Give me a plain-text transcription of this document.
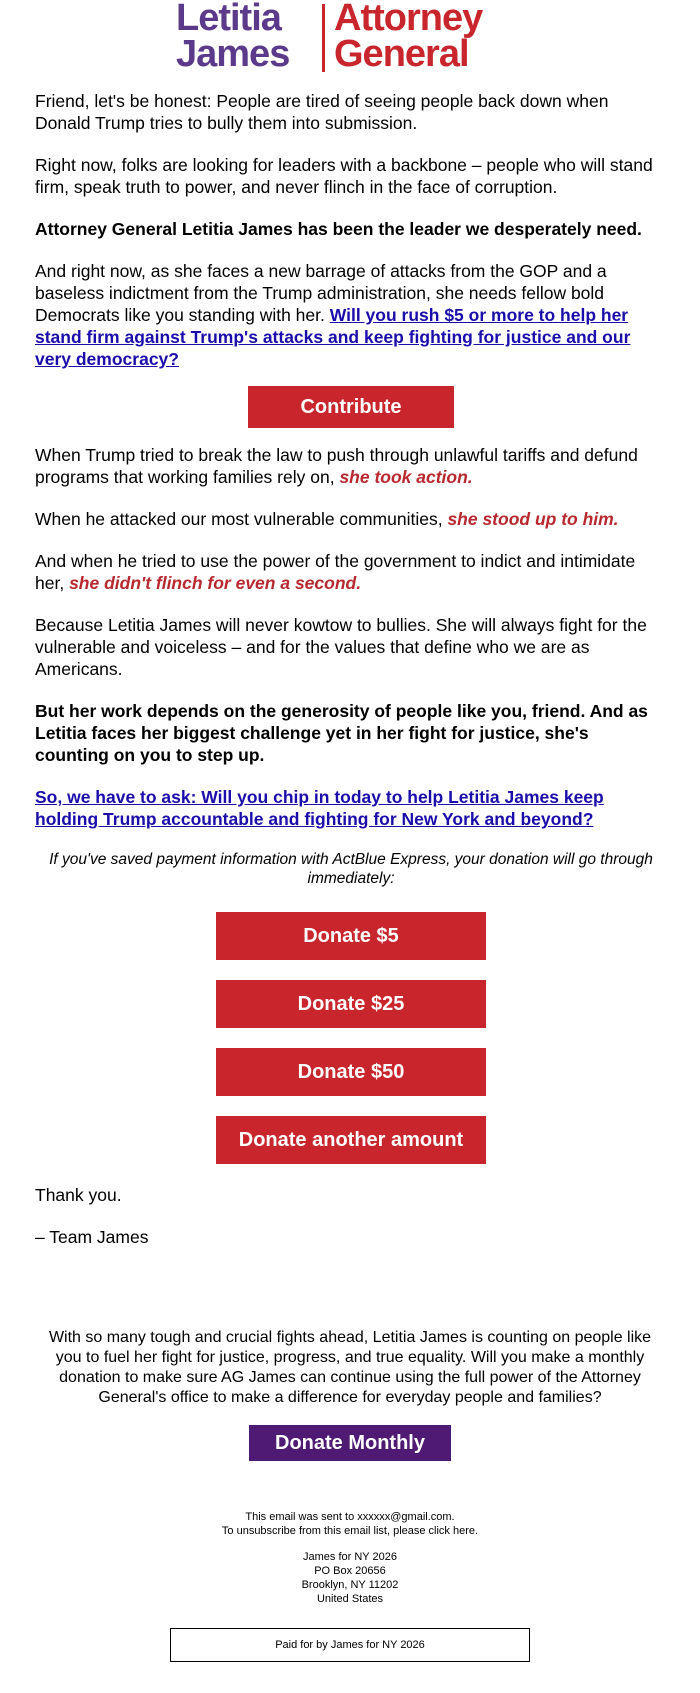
Letitia
James
Attorney
General

Friend, let's be honest: People are tired of seeing people back down when Donald Trump tries to bully them into submission.

Right now, folks are looking for leaders with a backbone – people who will stand firm, speak truth to power, and never flinch in the face of corruption.

Attorney General Letitia James has been the leader we desperately need.

And right now, as she faces a new barrage of attacks from the GOP and a baseless indictment from the Trump administration, she needs fellow bold Democrats like you standing with her. Will you rush $5 or more to help her stand firm against Trump's attacks and keep fighting for justice and our very democracy?

Contribute

When Trump tried to break the law to push through unlawful tariffs and defund programs that working families rely on, she took action.

When he attacked our most vulnerable communities, she stood up to him.

And when he tried to use the power of the government to indict and intimidate her, she didn't flinch for even a second.

Because Letitia James will never kowtow to bullies. She will always fight for the vulnerable and voiceless – and for the values that define who we are as Americans.

But her work depends on the generosity of people like you, friend. And as Letitia faces her biggest challenge yet in her fight for justice, she's counting on you to step up.

So, we have to ask: Will you chip in today to help Letitia James keep holding Trump accountable and fighting for New York and beyond?

If you've saved payment information with ActBlue Express, your donation will go through immediately:
Donate $5
Donate $25
Donate $50
Donate another amount

Thank you.

– Team James

With so many tough and crucial fights ahead, Letitia James is counting on people like you to fuel her fight for justice, progress, and true equality. Will you make a monthly donation to make sure AG James can continue using the full power of the Attorney General's office to make a difference for everyday people and families?
Donate Monthly
This email was sent to xxxxxx@gmail.com.
To unsubscribe from this email list, please click here.
James for NY 2026
PO Box 20656
Brooklyn, NY 11202
United States
Paid for by James for NY 2026
